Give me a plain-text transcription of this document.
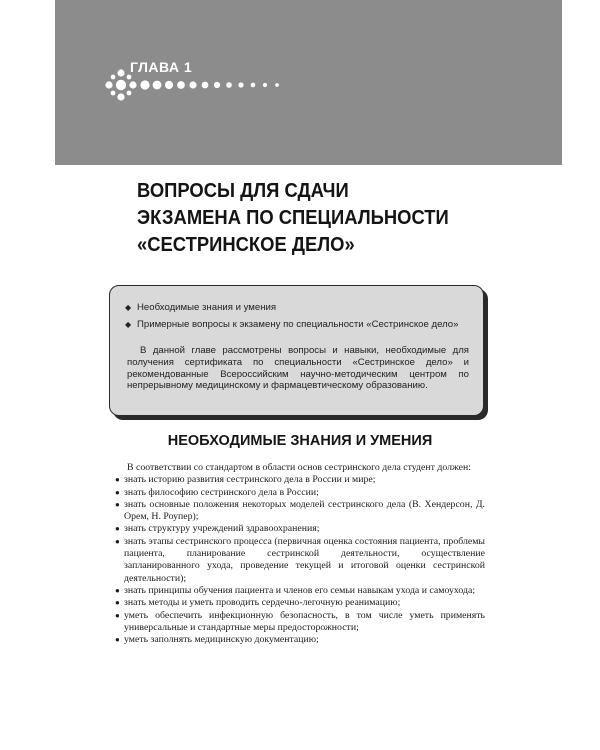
ГЛАВА 1
ВОПРОСЫ ДЛЯ СДАЧИ
ЭКЗАМЕНА ПО СПЕЦИАЛЬНОСТИ
«СЕСТРИНСКОЕ ДЕЛО»
◆ Необходимые знания и умения
◆ Примерные вопросы к экзамену по специальности «Сестринское дело»
В данной главе рассмотрены вопросы и навыки, необходимые для получения сертификата по специальности «Сестринское дело» и рекомендованные Всероссийским научно-методическим центром по непрерывному медицинскому и фармацевтическому образованию.
НЕОБХОДИМЫЕ ЗНАНИЯ И УМЕНИЯ

В соответствии со стандартом в области основ сестринского дела студент должен:

● знать историю развития сестринского дела в России и мире;
● знать философию сестринского дела в России;
● знать основные положения некоторых моделей сестринского дела (В. Хендерсон, Д. Орем, Н. Роупер);
● знать структуру учреждений здравоохранения;
● знать этапы сестринского процесса (первичная оценка состояния пациента, проблемы пациента, планирование сестринской деятельности, осуществление запланированного ухода, проведение текущей и итоговой оценки сестринской деятельности);
● знать принципы обучения пациента и членов его семьи навыкам ухода и самоухода;
● знать методы и уметь проводить сердечно-легочную реанимацию;
● уметь обеспечить инфекционную безопасность, в том числе уметь применять универсальные и стандартные меры предосторожности;
● уметь заполнять медицинскую документацию;
